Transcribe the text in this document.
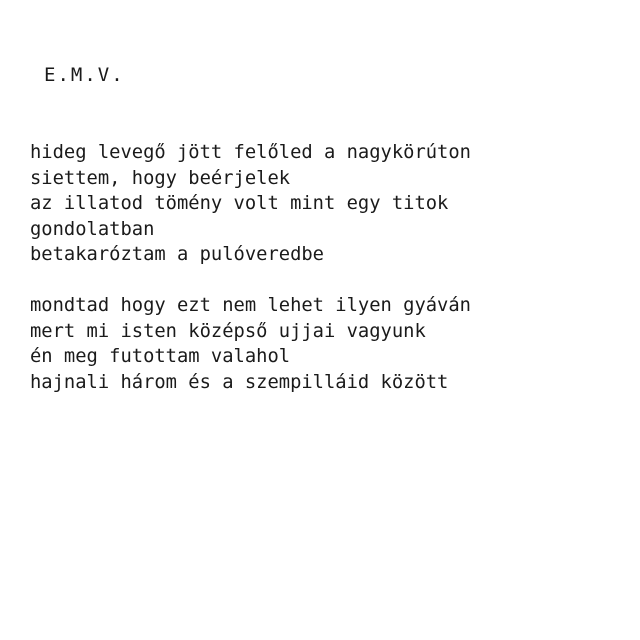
E.M.V.
hideg levegő jött felőled a nagykörúton
siettem, hogy beérjelek
az illatod tömény volt mint egy titok
gondolatban
betakaróztam a pulóveredbe
mondtad hogy ezt nem lehet ilyen gyáván
mert mi isten középső ujjai vagyunk
én meg futottam valahol
hajnali három és a szempilláid között
